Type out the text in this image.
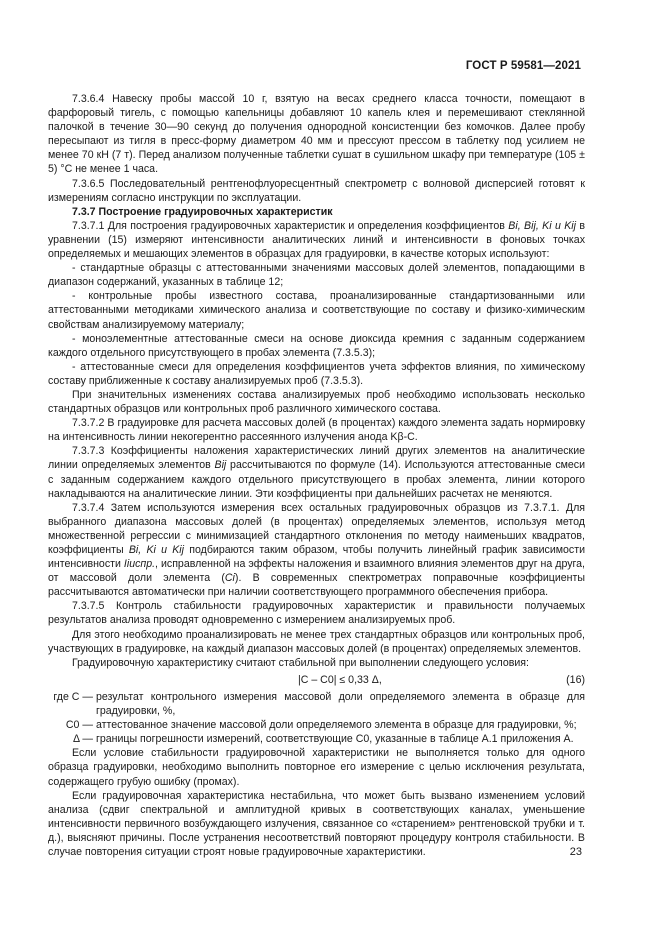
ГОСТ Р 59581—2021

7.3.6.4 Навеску пробы массой 10 г, взятую на весах среднего класса точности, помещают в фарфоровый тигель, с помощью капельницы добавляют 10 капель клея и перемешивают стеклянной палочкой в течение 30—90 секунд до получения однородной консистенции без комочков. Далее пробу пересыпают из тигля в пресс-форму диаметром 40 мм и прессуют прессом в таблетку под усилием не менее 70 кН (7 т). Перед анализом полученные таблетки сушат в сушильном шкафу при температуре (105 ± 5) °С не менее 1 часа.

7.3.6.5 Последовательный рентгенофлуоресцентный спектрометр с волновой дисперсией готовят к измерениям согласно инструкции по эксплуатации.

7.3.7 Построение градуировочных характеристик

7.3.7.1 Для построения градуировочных характеристик и определения коэффициентов Bi, Bij, Ki и Kij в уравнении (15) измеряют интенсивности аналитических линий и интенсивности в фоновых точках определяемых и мешающих элементов в образцах для градуировки, в качестве которых используют:

- стандартные образцы с аттестованными значениями массовых долей элементов, попадающими в диапазон содержаний, указанных в таблице 12;

- контрольные пробы известного состава, проанализированные стандартизованными или аттестованными методиками химического анализа и соответствующие по составу и физико-химическим свойствам анализируемому материалу;

- моноэлементные аттестованные смеси на основе диоксида кремния с заданным содержанием каждого отдельного присутствующего в пробах элемента (7.3.5.3);

- аттестованные смеси для определения коэффициентов учета эффектов влияния, по химическому составу приближенные к составу анализируемых проб (7.3.5.3).

При значительных изменениях состава анализируемых проб необходимо использовать несколько стандартных образцов или контрольных проб различного химического состава.

7.3.7.2 В градуировке для расчета массовых долей (в процентах) каждого элемента задать нормировку на интенсивность линии некогерентно рассеянного излучения анода Kβ-C.

7.3.7.3 Коэффициенты наложения характеристических линий других элементов на аналитические линии определяемых элементов Bij рассчитываются по формуле (14). Используются аттестованные смеси с заданным содержанием каждого отдельного присутствующего в пробах элемента, линии которого накладываются на аналитические линии. Эти коэффициенты при дальнейших расчетах не меняются.

7.3.7.4 Затем используются измерения всех остальных градуировочных образцов из 7.3.7.1. Для выбранного диапазона массовых долей (в процентах) определяемых элементов, используя метод множественной регрессии с минимизацией стандартного отклонения по методу наименьших квадратов, коэффициенты Bi, Ki и Kij подбираются таким образом, чтобы получить линейный график зависимости интенсивности Iiиспр., исправленной на эффекты наложения и взаимного влияния элементов друг на друга, от массовой доли элемента (Ci). В современных спектрометрах поправочные коэффициенты рассчитываются автоматически при наличии соответствующего программного обеспечения прибора.

7.3.7.5 Контроль стабильности градуировочных характеристик и правильности получаемых результатов анализа проводят одновременно с измерением анализируемых проб.

Для этого необходимо проанализировать не менее трех стандартных образцов или контрольных проб, участвующих в градуировке, на каждый диапазон массовых долей (в процентах) определяемых элементов.

Градуировочную характеристику считают стабильной при выполнении следующего условия:

|C – C0| ≤ 0,33 Δ,	(16)
где C — результат контрольного измерения массовой доли определяемого элемента в образце для градуировки, %,
C0 — аттестованное значение массовой доли определяемого элемента в образце для градуировки, %;
Δ — границы погрешности измерений, соответствующие C0, указанные в таблице А.1 приложения А.

Если условие стабильности градуировочной характеристики не выполняется только для одного образца градуировки, необходимо выполнить повторное его измерение с целью исключения результата, содержащего грубую ошибку (промах).

Если градуировочная характеристика нестабильна, что может быть вызвано изменением условий анализа (сдвиг спектральной и амплитудной кривых в соответствующих каналах, уменьшение интенсивности первичного возбуждающего излучения, связанное со «старением» рентгеновской трубки и т. д.), выясняют причины. После устранения несоответствий повторяют процедуру контроля стабильности. В случае повторения ситуации строят новые градуировочные характеристики.	23
